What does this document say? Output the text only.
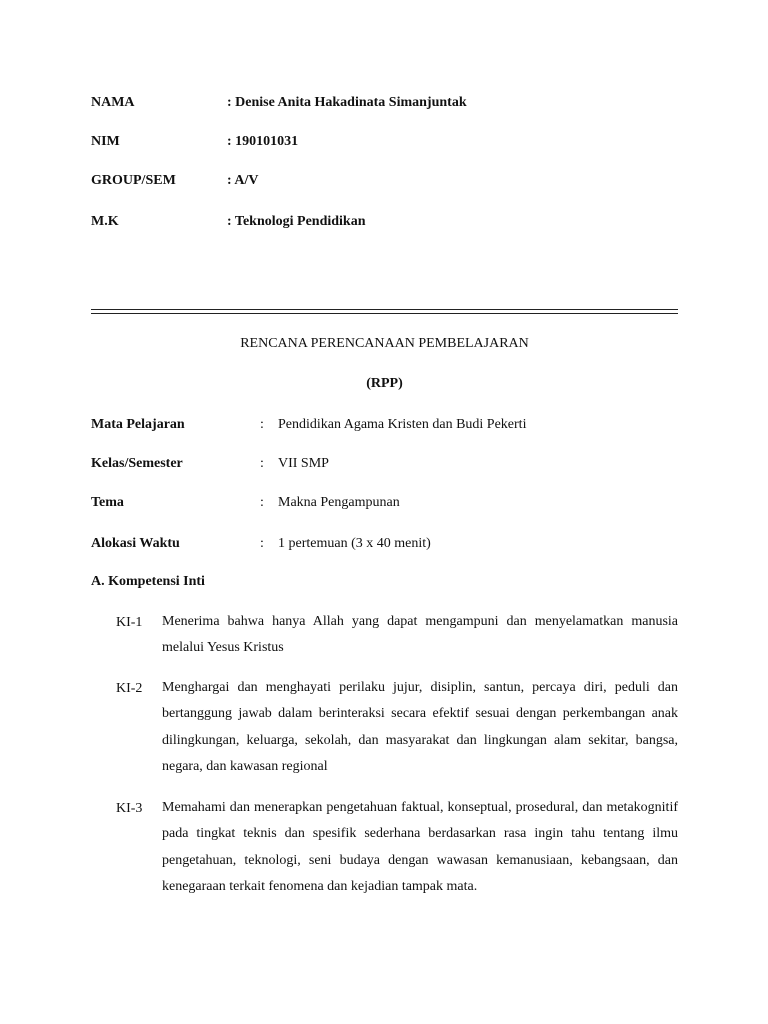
NAMA	: Denise Anita Hakadinata Simanjuntak
NIM	: 190101031
GROUP/SEM	: A/V
M.K	: Teknologi Pendidikan
RENCANA PERENCANAAN PEMBELAJARAN
(RPP)
Mata Pelajaran	: Pendidikan Agama Kristen dan Budi Pekerti
Kelas/Semester	: VII SMP
Tema	: Makna Pengampunan
Alokasi Waktu	: 1 pertemuan (3 x 40 menit)
A. Kompetensi Inti
KI-1 Menerima bahwa hanya Allah yang dapat mengampuni dan menyelamatkan manusia melalui Yesus Kristus
KI-2 Menghargai dan menghayati perilaku jujur, disiplin, santun, percaya diri, peduli dan bertanggung jawab dalam berinteraksi secara efektif sesuai dengan perkembangan anak dilingkungan, keluarga, sekolah, dan masyarakat dan lingkungan alam sekitar, bangsa, negara, dan kawasan regional
KI-3 Memahami dan menerapkan pengetahuan faktual, konseptual, prosedural, dan metakognitif pada tingkat teknis dan spesifik sederhana berdasarkan rasa ingin tahu tentang ilmu pengetahuan, teknologi, seni budaya dengan wawasan kemanusiaan, kebangsaan, dan kenegaraan terkait fenomena dan kejadian tampak mata.
